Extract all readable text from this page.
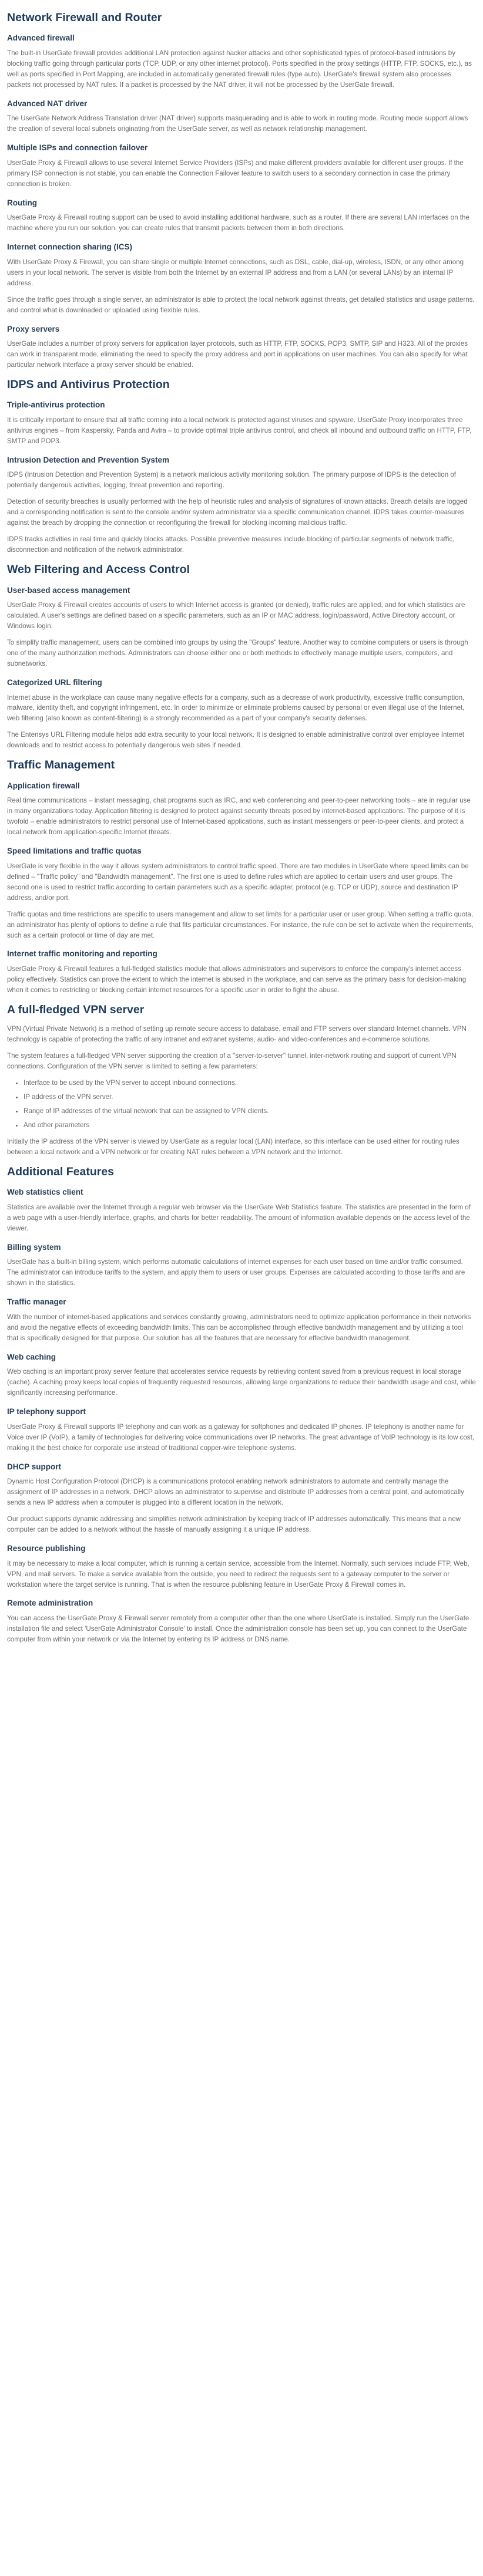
Network Firewall and Router
Advanced firewall

The built-in UserGate firewall provides additional LAN protection against hacker attacks and other sophisticated types of protocol-based intrusions by blocking traffic going through particular ports (TCP, UDP, or any other internet protocol). Ports specified in the proxy settings (HTTP, FTP, SOCKS, etc.), as well as ports specified in Port Mapping, are included in automatically generated firewall rules (type auto). UserGate's firewall system also processes packets not processed by NAT rules. If a packet is processed by the NAT driver, it will not be processed by the UserGate firewall.

Advanced NAT driver

The UserGate Network Address Translation driver (NAT driver) supports masquerading and is able to work in routing mode. Routing mode support allows the creation of several local subnets originating from the UserGate server, as well as network relationship management.

Multiple ISPs and connection failover

UserGate Proxy & Firewall allows to use several Internet Service Providers (ISPs) and make different providers available for different user groups. If the primary ISP connection is not stable, you can enable the Connection Failover feature to switch users to a secondary connection in case the primary connection is broken.

Routing

UserGate Proxy & Firewall routing support can be used to avoid installing additional hardware, such as a router. If there are several LAN interfaces on the machine where you run our solution, you can create rules that transmit packets between them in both directions.

Internet connection sharing (ICS)

With UserGate Proxy & Firewall, you can share single or multiple Internet connections, such as DSL, cable, dial-up, wireless, ISDN, or any other among users in your local network. The server is visible from both the Internet by an external IP address and from a LAN (or several LANs) by an internal IP address.

Since the traffic goes through a single server, an administrator is able to protect the local network against threats, get detailed statistics and usage patterns, and control what is downloaded or uploaded using flexible rules.

Proxy servers

UserGate includes a number of proxy servers for application layer protocols, such as HTTP, FTP, SOCKS, POP3, SMTP, SIP and H323. All of the proxies can work in transparent mode, eliminating the need to specify the proxy address and port in applications on user machines. You can also specify for what particular network interface a proxy server should be enabled.

IDPS and Antivirus Protection
Triple-antivirus protection

It is critically important to ensure that all traffic coming into a local network is protected against viruses and spyware. UserGate Proxy incorporates three antivirus engines – from Kaspersky, Panda and Avira – to provide optimal triple antivirus control, and check all inbound and outbound traffic on HTTP, FTP, SMTP and POP3.

Intrusion Detection and Prevention System

IDPS (Intrusion Detection and Prevention System) is a network malicious activity monitoring solution. The primary purpose of IDPS is the detection of potentially dangerous activities, logging, threat prevention and reporting.

Detection of security breaches is usually performed with the help of heuristic rules and analysis of signatures of known attacks. Breach details are logged and a corresponding notification is sent to the console and/or system administrator via a specific communication channel. IDPS takes counter-measures against the breach by dropping the connection or reconfiguring the firewall for blocking incoming malicious traffic.

IDPS tracks activities in real time and quickly blocks attacks. Possible preventive measures include blocking of particular segments of network traffic, disconnection and notification of the network administrator.

Web Filtering and Access Control
User-based access management

UserGate Proxy & Firewall creates accounts of users to which Internet access is granted (or denied), traffic rules are applied, and for which statistics are calculated. A user's settings are defined based on a specific parameters, such as an IP or MAC address, login/password, Active Directory account, or Windows login.

To simplify traffic management, users can be combined into groups by using the "Groups" feature. Another way to combine computers or users is through one of the many authorization methods. Administrators can choose either one or both methods to effectively manage multiple users, computers, and subnetworks.

Categorized URL filtering

Internet abuse in the workplace can cause many negative effects for a company, such as a decrease of work productivity, excessive traffic consumption, malware, identity theft, and copyright infringement, etc. In order to minimize or eliminate problems caused by personal or even illegal use of the Internet, web filtering (also known as content-filtering) is a strongly recommended as a part of your company's security defenses.

The Entensys URL Filtering module helps add extra security to your local network. It is designed to enable administrative control over employee Internet downloads and to restrict access to potentially dangerous web sites if needed.

Traffic Management
Application firewall

Real time communications – instant messaging, chat programs such as IRC, and web conferencing and peer-to-peer networking tools – are in regular use in many organizations today. Application filtering is designed to protect against security threats posed by internet-based applications. The purpose of it is twofold – enable administrators to restrict personal use of Internet-based applications, such as instant messengers or peer-to-peer clients, and protect a local network from application-specific Internet threats.

Speed limitations and traffic quotas

UserGate is very flexible in the way it allows system administrators to control traffic speed. There are two modules in UserGate where speed limits can be defined – "Traffic policy" and "Bandwidth management". The first one is used to define rules which are applied to certain users and user groups. The second one is used to restrict traffic according to certain parameters such as a specific adapter, protocol (e.g. TCP or UDP), source and destination IP address, and/or port.

Traffic quotas and time restrictions are specific to users management and allow to set limits for a particular user or user group. When setting a traffic quota, an administrator has plenty of options to define a rule that fits particular circumstances. For instance, the rule can be set to activate when the requirements, such as a certain protocol or time of day are met.

Internet traffic monitoring and reporting

UserGate Proxy & Firewall features a full-fledged statistics module that allows administrators and supervisors to enforce the company's internet access policy effectively. Statistics can prove the extent to which the internet is abused in the workplace, and can serve as the primary basis for decision-making when it comes to restricting or blocking certain internet resources for a specific user in order to fight the abuse.

A full-fledged VPN server

VPN (Virtual Private Network) is a method of setting up remote secure access to database, email and FTP servers over standard Internet channels. VPN technology is capable of protecting the traffic of any intranet and extranet systems, audio- and video-conferences and e-commerce solutions.

The system features a full-fledged VPN server supporting the creation of a "server-to-server" tunnel, inter-network routing and support of current VPN connections. Configuration of the VPN server is limited to setting a few parameters:

• Interface to be used by the VPN server to accept inbound connections.
• IP address of the VPN server.
• Range of IP addresses of the virtual network that can be assigned to VPN clients.
• And other parameters

Initially the IP address of the VPN server is viewed by UserGate as a regular local (LAN) interface, so this interface can be used either for routing rules between a local network and a VPN network or for creating NAT rules between a VPN network and the Internet.

Additional Features
Web statistics client

Statistics are available over the Internet through a regular web browser via the UserGate Web Statistics feature. The statistics are presented in the form of a web page with a user-friendly interface, graphs, and charts for better readability. The amount of information available depends on the access level of the viewer.

Billing system

UserGate has a built-in billing system, which performs automatic calculations of internet expenses for each user based on time and/or traffic consumed. The administrator can introduce tariffs to the system, and apply them to users or user groups. Expenses are calculated according to those tariffs and are shown in the statistics.

Traffic manager

With the number of internet-based applications and services constantly growing, administrators need to optimize application performance in their networks and avoid the negative effects of exceeding bandwidth limits. This can be accomplished through effective bandwidth management and by utilizing a tool that is specifically designed for that purpose. Our solution has all the features that are necessary for effective bandwidth management.

Web caching

Web caching is an important proxy server feature that accelerates service requests by retrieving content saved from a previous request in local storage (cache). A caching proxy keeps local copies of frequently requested resources, allowing large organizations to reduce their bandwidth usage and cost, while significantly increasing performance.

IP telephony support

UserGate Proxy & Firewall supports IP telephony and can work as a gateway for softphones and dedicated IP phones. IP telephony is another name for Voice over IP (VoIP), a family of technologies for delivering voice communications over IP networks. The great advantage of VoIP technology is its low cost, making it the best choice for corporate use instead of traditional copper-wire telephone systems.

DHCP support

Dynamic Host Configuration Protocol (DHCP) is a communications protocol enabling network administrators to automate and centrally manage the assignment of IP addresses in a network. DHCP allows an administrator to supervise and distribute IP addresses from a central point, and automatically sends a new IP address when a computer is plugged into a different location in the network.

Our product supports dynamic addressing and simplifies network administration by keeping track of IP addresses automatically. This means that a new computer can be added to a network without the hassle of manually assigning it a unique IP address.

Resource publishing

It may be necessary to make a local computer, which is running a certain service, accessible from the Internet. Normally, such services include FTP, Web, VPN, and mail servers. To make a service available from the outside, you need to redirect the requests sent to a gateway computer to the server or workstation where the target service is running. That is when the resource publishing feature in UserGate Proxy & Firewall comes in.

Remote administration

You can access the UserGate Proxy & Firewall server remotely from a computer other than the one where UserGate is installed. Simply run the UserGate installation file and select 'UserGate Administrator Console' to install. Once the administration console has been set up, you can connect to the UserGate computer from within your network or via the Internet by entering its IP address or DNS name.
